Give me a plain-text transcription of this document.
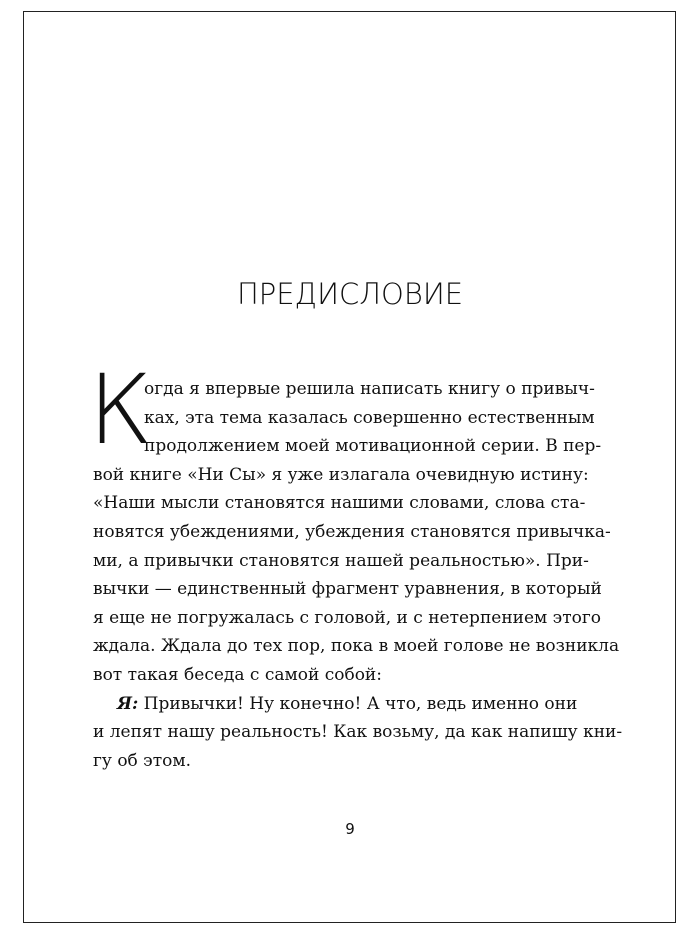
ПРЕДИСЛОВИЕ
К
огда я впервые решила написать книгу о привыч-
ках, эта тема казалась совершенно естественным
продолжением моей мотивационной серии. В пер-
вой книге «Ни Сы» я уже излагала очевидную истину:
«Наши мысли становятся нашими словами, слова ста-
новятся убеждениями, убеждения становятся привычка-
ми, а привычки становятся нашей реальностью». При-
вычки — единственный фрагмент уравнения, в который
я еще не погружалась с головой, и с нетерпением этого
ждала. Ждала до тех пор, пока в моей голове не возникла
вот такая беседа с самой собой:
Я: Привычки! Ну конечно! А что, ведь именно они
и лепят нашу реальность! Как возьму, да как напишу кни-
гу об этом.
9
